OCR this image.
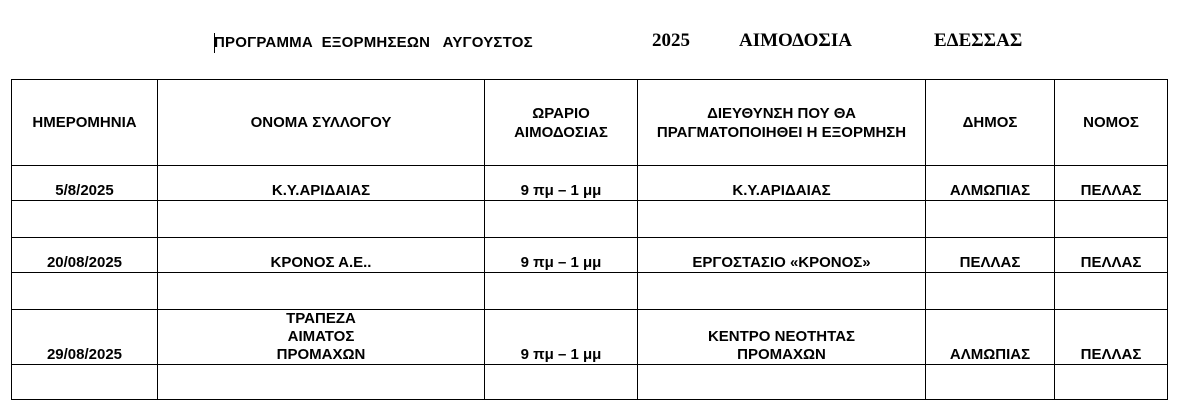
ΠΡΟΓΡΑΜΜΑ  ΕΞΟΡΜΗΣΕΩΝ   ΑΥΓΟΥΣΤΟΣ	2025	ΑΙΜΟΔΟΣΙΑ	ΕΔΕΣΣΑΣ
ΗΜΕΡΟΜΗΝΙΑ	ΟΝΟΜΑ ΣΥΛΛΟΓΟΥ	ΩΡΑΡΙΟ ΑΙΜΟΔΟΣΙΑΣ	ΔΙΕΥΘΥΝΣΗ ΠΟΥ ΘΑ ΠΡΑΓΜΑΤΟΠΟΙΗΘΕΙ Η ΕΞΟΡΜΗΣΗ	ΔΗΜΟΣ	ΝΟΜΟΣ
5/8/2025	Κ.Υ.ΑΡΙΔΑΙΑΣ	9 πμ – 1 μμ	Κ.Υ.ΑΡΙΔΑΙΑΣ	ΑΛΜΩΠΙΑΣ	ΠΕΛΛΑΣ

20/08/2025	ΚΡΟΝΟΣ Α.Ε..	9 πμ – 1 μμ	ΕΡΓΟΣΤΑΣΙΟ «ΚΡΟΝΟΣ»	ΠΕΛΛΑΣ	ΠΕΛΛΑΣ

29/08/2025	ΤΡΑΠΕΖΑ ΑΙΜΑΤΟΣ ΠΡΟΜΑΧΩΝ	9 πμ – 1 μμ	ΚΕΝΤΡΟ ΝΕΟΤΗΤΑΣ ΠΡΟΜΑΧΩΝ	ΑΛΜΩΠΙΑΣ	ΠΕΛΛΑΣ
